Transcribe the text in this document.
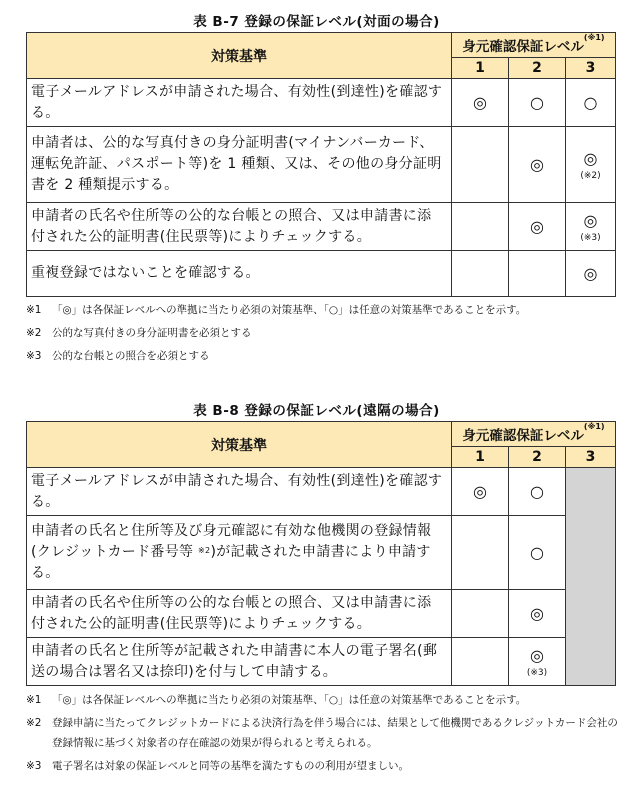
表 B-7 登録の保証レベル(対面の場合)
対策基準	身元確認保証レベル$^{(※1)}$
	1	2	3
電子メールアドレスが申請された場合、有効性(到達性)を確認する。	◎	○	○
申請者は、公的な写真付きの身分証明書(マイナンバーカード、運転免許証、パスポート等)を 1 種類、又は、その他の身分証明書を 2 種類提示する。		◎	◎
(※2)

申請者の氏名や住所等の公的な台帳との照合、又は申請書に添付された公的証明書(住民票等)によりチェックする。		◎	◎
(※3)

重複登録ではないことを確認する。			◎
※1	「◎」は各保証レベルへの準拠に当たり必須の対策基準、「○」は任意の対策基準であることを示す。
※2	公的な写真付きの身分証明書を必須とする
※3	公的な台帳との照合を必須とする
表 B-8 登録の保証レベル(遠隔の場合)
対策基準	身元確認保証レベル$^{(※1)}$
	1	2	3
電子メールアドレスが申請された場合、有効性(到達性)を確認する。	◎	○	
申請者の氏名と住所等及び身元確認に有効な他機関の登録情報(クレジットカード番号等 $^{※2}$)が記載された申請書により申請する。		○	
申請者の氏名や住所等の公的な台帳との照合、又は申請書に添付された公的証明書(住民票等)によりチェックする。		◎	
申請者の氏名と住所等が記載された申請書に本人の電子署名(郵送の場合は署名又は捺印)を付与して申請する。		◎
(※3)	
※1	「◎」は各保証レベルへの準拠に当たり必須の対策基準、「○」は任意の対策基準であることを示す。
※2	登録申請に当たってクレジットカードによる決済行為を伴う場合には、結果として他機関であるクレジットカード会社の登録情報に基づく対象者の存在確認の効果が得られると考えられる。
※3	電子署名は対象の保証レベルと同等の基準を満たすものの利用が望ましい。
